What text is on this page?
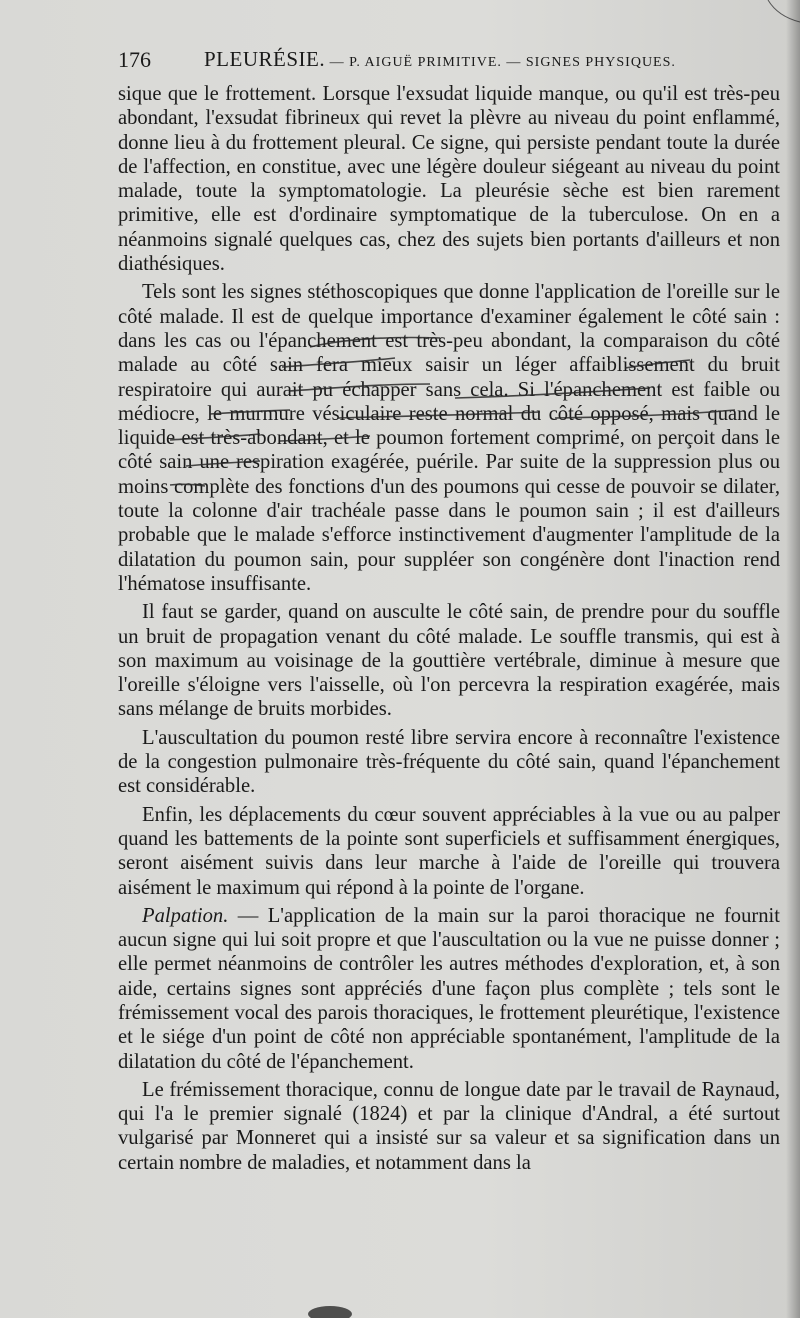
176	PLEURÉSIE. — P. AIGUË PRIMITIVE. — SIGNES PHYSIQUES.

sique que le frottement. Lorsque l'exsudat liquide manque, ou qu'il est très-peu abondant, l'exsudat fibrineux qui revet la plèvre au niveau du point enflammé, donne lieu à du frottement pleural. Ce signe, qui persiste pendant toute la durée de l'affection, en constitue, avec une légère douleur siégeant au niveau du point malade, toute la symptomatologie. La pleurésie sèche est bien rarement primitive, elle est d'ordinaire symptomatique de la tuberculose. On en a néanmoins signalé quelques cas, chez des sujets bien portants d'ailleurs et non diathésiques.

Tels sont les signes stéthoscopiques que donne l'application de l'oreille sur le côté malade. Il est de quelque importance d'examiner également le côté sain : dans les cas ou l'épanchement est très-peu abondant, la comparaison du côté malade au côté sain fera mieux saisir un léger affaiblissement du bruit respiratoire qui aurait pu échapper sans cela. Si l'épanchement est faible ou médiocre, le murmure vésiculaire reste normal du côté opposé, mais quand le liquide est très-abondant, et le poumon fortement comprimé, on perçoit dans le côté sain une respiration exagérée, puérile. Par suite de la suppression plus ou moins complète des fonctions d'un des poumons qui cesse de pouvoir se dilater, toute la colonne d'air trachéale passe dans le poumon sain ; il est d'ailleurs probable que le malade s'efforce instinctivement d'augmenter l'amplitude de la dilatation du poumon sain, pour suppléer son congénère dont l'inaction rend l'hématose insuffisante.

Il faut se garder, quand on ausculte le côté sain, de prendre pour du souffle un bruit de propagation venant du côté malade. Le souffle transmis, qui est à son maximum au voisinage de la gouttière vertébrale, diminue à mesure que l'oreille s'éloigne vers l'aisselle, où l'on percevra la respiration exagérée, mais sans mélange de bruits morbides.

L'auscultation du poumon resté libre servira encore à reconnaître l'existence de la congestion pulmonaire très-fréquente du côté sain, quand l'épanchement est considérable.

Enfin, les déplacements du cœur souvent appréciables à la vue ou au palper quand les battements de la pointe sont superficiels et suffisamment énergiques, seront aisément suivis dans leur marche à l'aide de l'oreille qui trouvera aisément le maximum qui répond à la pointe de l'organe.

Palpation. — L'application de la main sur la paroi thoracique ne fournit aucun signe qui lui soit propre et que l'auscultation ou la vue ne puisse donner ; elle permet néanmoins de contrôler les autres méthodes d'exploration, et, à son aide, certains signes sont appréciés d'une façon plus complète ; tels sont le frémissement vocal des parois thoraciques, le frottement pleurétique, l'existence et le siége d'un point de côté non appréciable spontanément, l'amplitude de la dilatation du côté de l'épanchement.

Le frémissement thoracique, connu de longue date par le travail de Raynaud, qui l'a le premier signalé (1824) et par la clinique d'Andral, a été surtout vulgarisé par Monneret qui a insisté sur sa valeur et sa signification dans un certain nombre de maladies, et notamment dans la
